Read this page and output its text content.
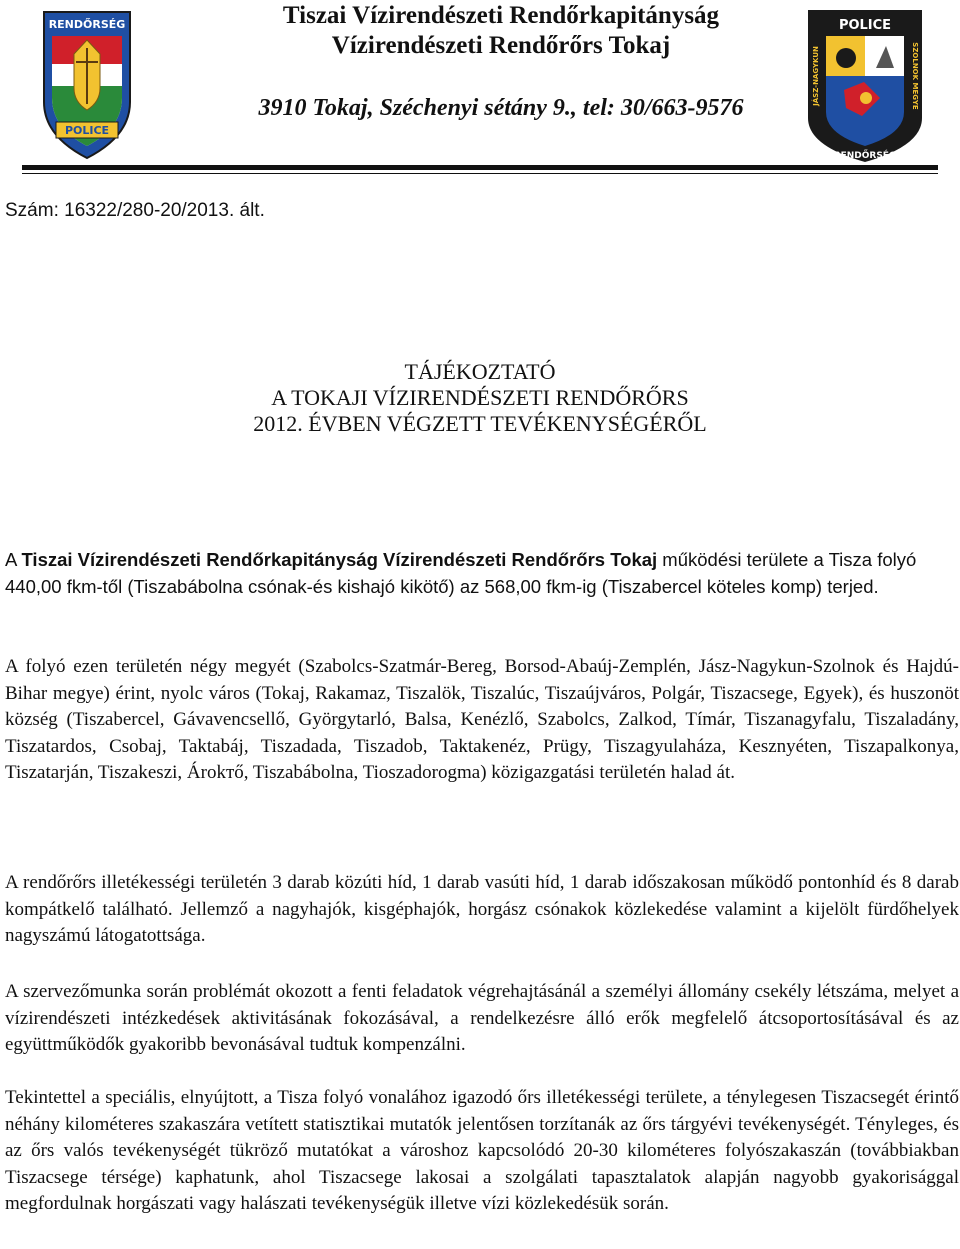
POLICE
RENDŐRSÉG	POLICE
RENDŐRSÉG
JÁSZ-NAGYKUN	SZOLNOK MEGYE
Tiszai Vízirendészeti Rendőrkapitányság
Vízirendészeti Rendőrőrs Tokaj
3910 Tokaj, Széchenyi sétány 9., tel: 30/663-9576
Szám: 16322/280-20/2013. ált.
TÁJÉKOZTATÓ
A TOKAJI VÍZIRENDÉSZETI RENDŐRŐRS
2012. ÉVBEN VÉGZETT TEVÉKENYSÉGÉRŐL
A Tiszai Vízirendészeti Rendőrkapitányság Vízirendészeti Rendőrőrs Tokaj működési területe a Tisza folyó 440,00 fkm-től (Tiszabábolna csónak-és kishajó kikötő) az 568,00 fkm-ig (Tiszabercel köteles komp) terjed.
A folyó ezen területén négy megyét (Szabolcs-Szatmár-Bereg, Borsod-Abaúj-Zemplén, Jász-Nagykun-Szolnok és Hajdú-Bihar megye) érint, nyolc város (Tokaj, Rakamaz, Tiszalök, Tiszalúc, Tiszaújváros, Polgár, Tiszacsege, Egyek), és huszonöt község (Tiszabercel, Gávavencsellő, Györgytarló, Balsa, Kenézlő, Szabolcs, Zalkod, Tímár, Tiszanagyfalu, Tiszaladány, Tiszatardos, Csobaj, Taktabáj, Tiszadada, Tiszadob, Taktakenéz, Prügy, Tiszagyulaháza, Kesznyéten, Tiszapalkonya, Tiszatarján, Tiszakeszi, Árokтő, Tiszabábolna, Tioszadorogma) közigazgatási területén halad át.
A rendőrőrs illetékességi területén 3 darab közúti híd, 1 darab vasúti híd, 1 darab időszakosan működő pontonhíd és 8 darab kompátkelő található. Jellemző a nagyhajók, kisgéphajók, horgász csónakok közlekedése valamint a kijelölt fürdőhelyek nagyszámú látogatottsága.
A szervezőmunka során problémát okozott a fenti feladatok végrehajtásánál a személyi állomány csekély létszáma, melyet a vízirendészeti intézkedések aktivitásának fokozásával, a rendelkezésre álló erők megfelelő átcsoportosításával és az együttműködők gyakoribb bevonásával tudtuk kompenzálni.
Tekintettel a speciális, elnyújtott, a Tisza folyó vonalához igazodó őrs illetékességi területe, a ténylegesen Tiszacsegét érintő néhány kilométeres szakaszára vetített statisztikai mutatók jelentősen torzítanák az őrs tárgyévi tevékenységét. Tényleges, és az őrs valós tevékenységét tükröző mutatókat a városhoz kapcsolódó 20-30 kilométeres folyószakaszán (továbbiakban Tiszacsege térsége) kaphatunk, ahol Tiszacsege lakosai a szolgálati tapasztalatok alapján nagyobb gyakorisággal megfordulnak horgászati vagy halászati tevékenységük illetve vízi közlekedésük során.
